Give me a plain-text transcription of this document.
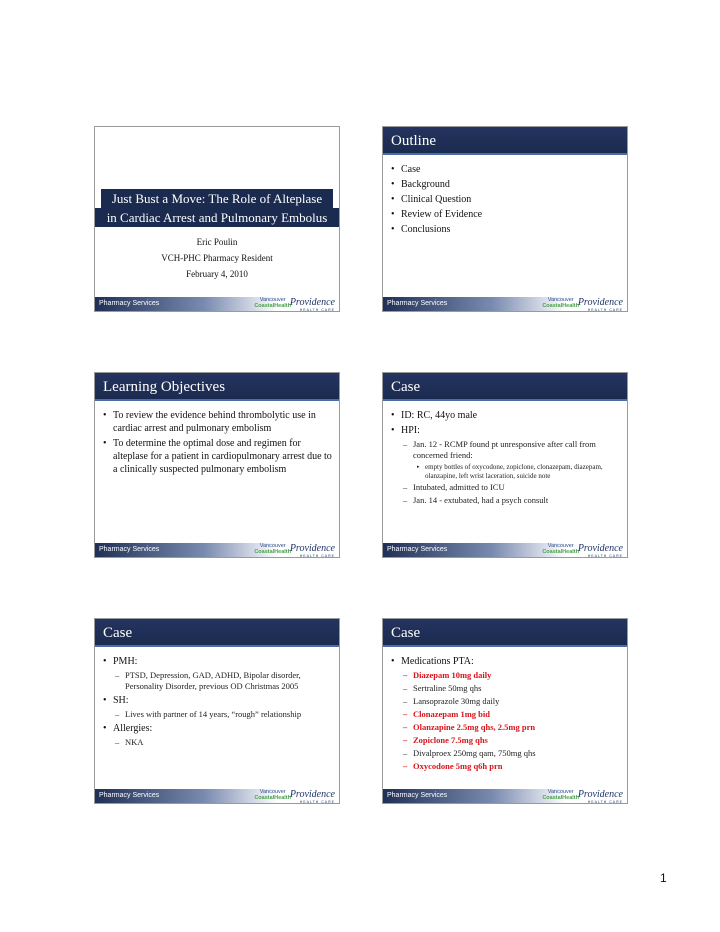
Just Bust a Move: The Role of Alteplase
in Cardiac Arrest and Pulmonary Embolus
Eric Poulin
VCH-PHC Pharmacy Resident
February 4, 2010
Pharmacy Services	Vancouver
CoastalHealth
Providence
HEALTH CARE
Outline
• Case
• Background
• Clinical Question
• Review of Evidence
• Conclusions
Pharmacy Services	Vancouver
CoastalHealth
Providence
HEALTH CARE
Learning Objectives
• To review the evidence behind thrombolytic use in cardiac arrest and pulmonary embolism
• To determine the optimal dose and regimen for alteplase for a patient in cardiopulmonary arrest due to a clinically suspected pulmonary embolism
Pharmacy Services	Vancouver
CoastalHealth
Providence
HEALTH CARE
Case
• ID: RC, 44yo male
• HPI:
– Jan. 12 - RCMP found pt unresponsive after call from concerned friend:
▸ empty bottles of oxycodone, zopiclone, clonazepam, diazepam, olanzapine, left wrist laceration, suicide note
– Intubated, admitted to ICU
– Jan. 14 - extubated, had a psych consult
Pharmacy Services	Vancouver
CoastalHealth
Providence
HEALTH CARE
Case
• PMH:
– PTSD, Depression, GAD, ADHD, Bipolar disorder, Personality Disorder, previous OD Christmas 2005
• SH:
– Lives with partner of 14 years, “rough” relationship
• Allergies:
– NKA
Pharmacy Services	Vancouver
CoastalHealth
Providence
HEALTH CARE
Case
• Medications PTA:
– Diazepam 10mg daily
– Sertraline 50mg qhs
– Lansoprazole 30mg daily
– Clonazepam 1mg bid
– Olanzapine 2.5mg qhs, 2.5mg prn
– Zopiclone 7.5mg qhs
– Divalproex 250mg qam, 750mg qhs
– Oxycodone 5mg q6h prn
Pharmacy Services	Vancouver
CoastalHealth
Providence
HEALTH CARE
1
